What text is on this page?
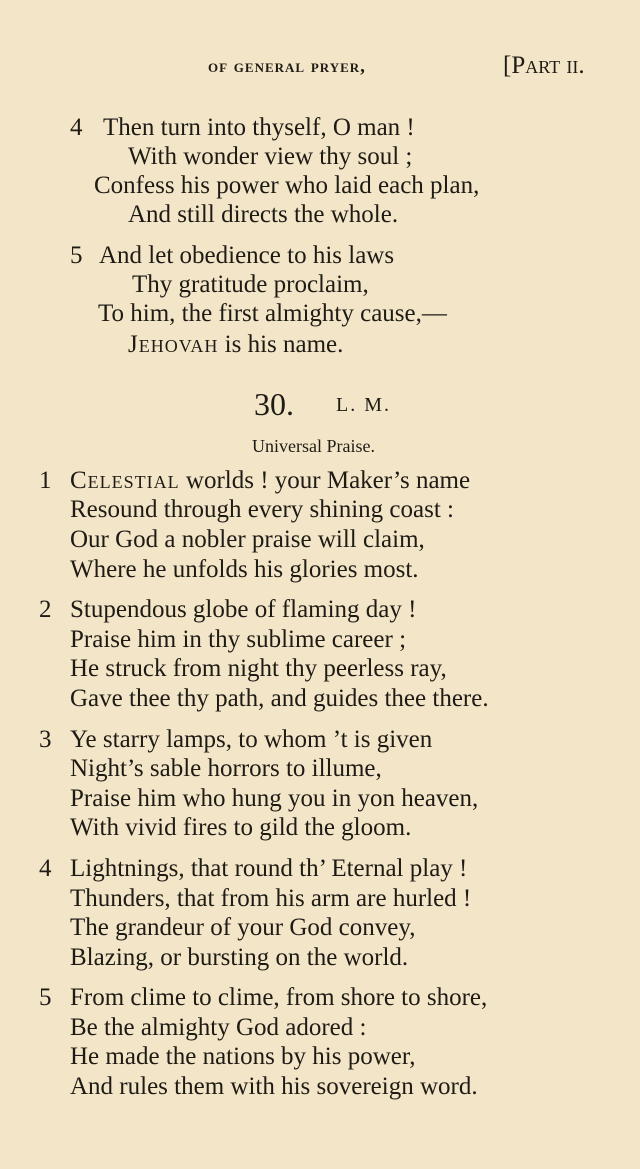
of general pryer,	[Part ii.
4 Then turn into thyself, O man !
With wonder view thy soul ;
Confess his power who laid each plan,
And still directs the whole.
5 And let obedience to his laws
Thy gratitude proclaim,
To him, the first almighty cause,—
Jehovah is his name.
30. L. M.
Universal Praise.
1 Celestial worlds ! your Maker’s name
Resound through every shining coast :
Our God a nobler praise will claim,
Where he unfolds his glories most.
2 Stupendous globe of flaming day !
Praise him in thy sublime career ;
He struck from night thy peerless ray,
Gave thee thy path, and guides thee there.
3 Ye starry lamps, to whom ’t is given
Night’s sable horrors to illume,
Praise him who hung you in yon heaven,
With vivid fires to gild the gloom.
4 Lightnings, that round th’ Eternal play !
Thunders, that from his arm are hurled !
The grandeur of your God convey,
Blazing, or bursting on the world.
5 From clime to clime, from shore to shore,
Be the almighty God adored :
He made the nations by his power,
And rules them with his sovereign word.
